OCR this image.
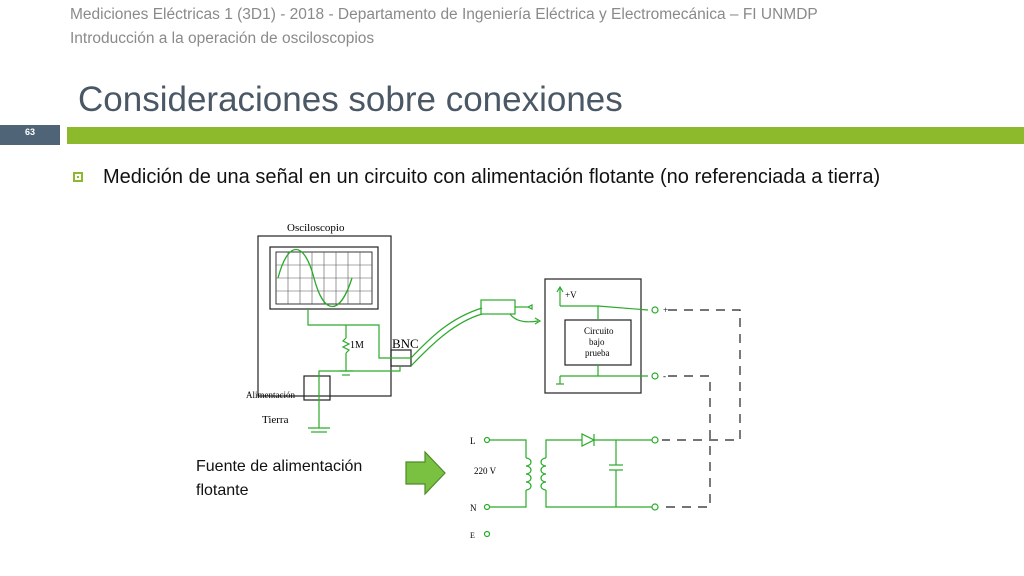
Mediciones Eléctricas 1 (3D1) - 2018 - Departamento de Ingeniería Eléctrica y Electromecánica – FI UNMDP
Introducción a la operación de osciloscopios
Consideraciones sobre conexiones
63
Medición de una señal en un circuito con alimentación flotante (no referenciada a tierra)
Osciloscopio
1M BNC
Alimentación
Tierra
+V
Circuito
bajo
prueba
+
-
L
N
E
220 V
Fuente de alimentación
flotante
